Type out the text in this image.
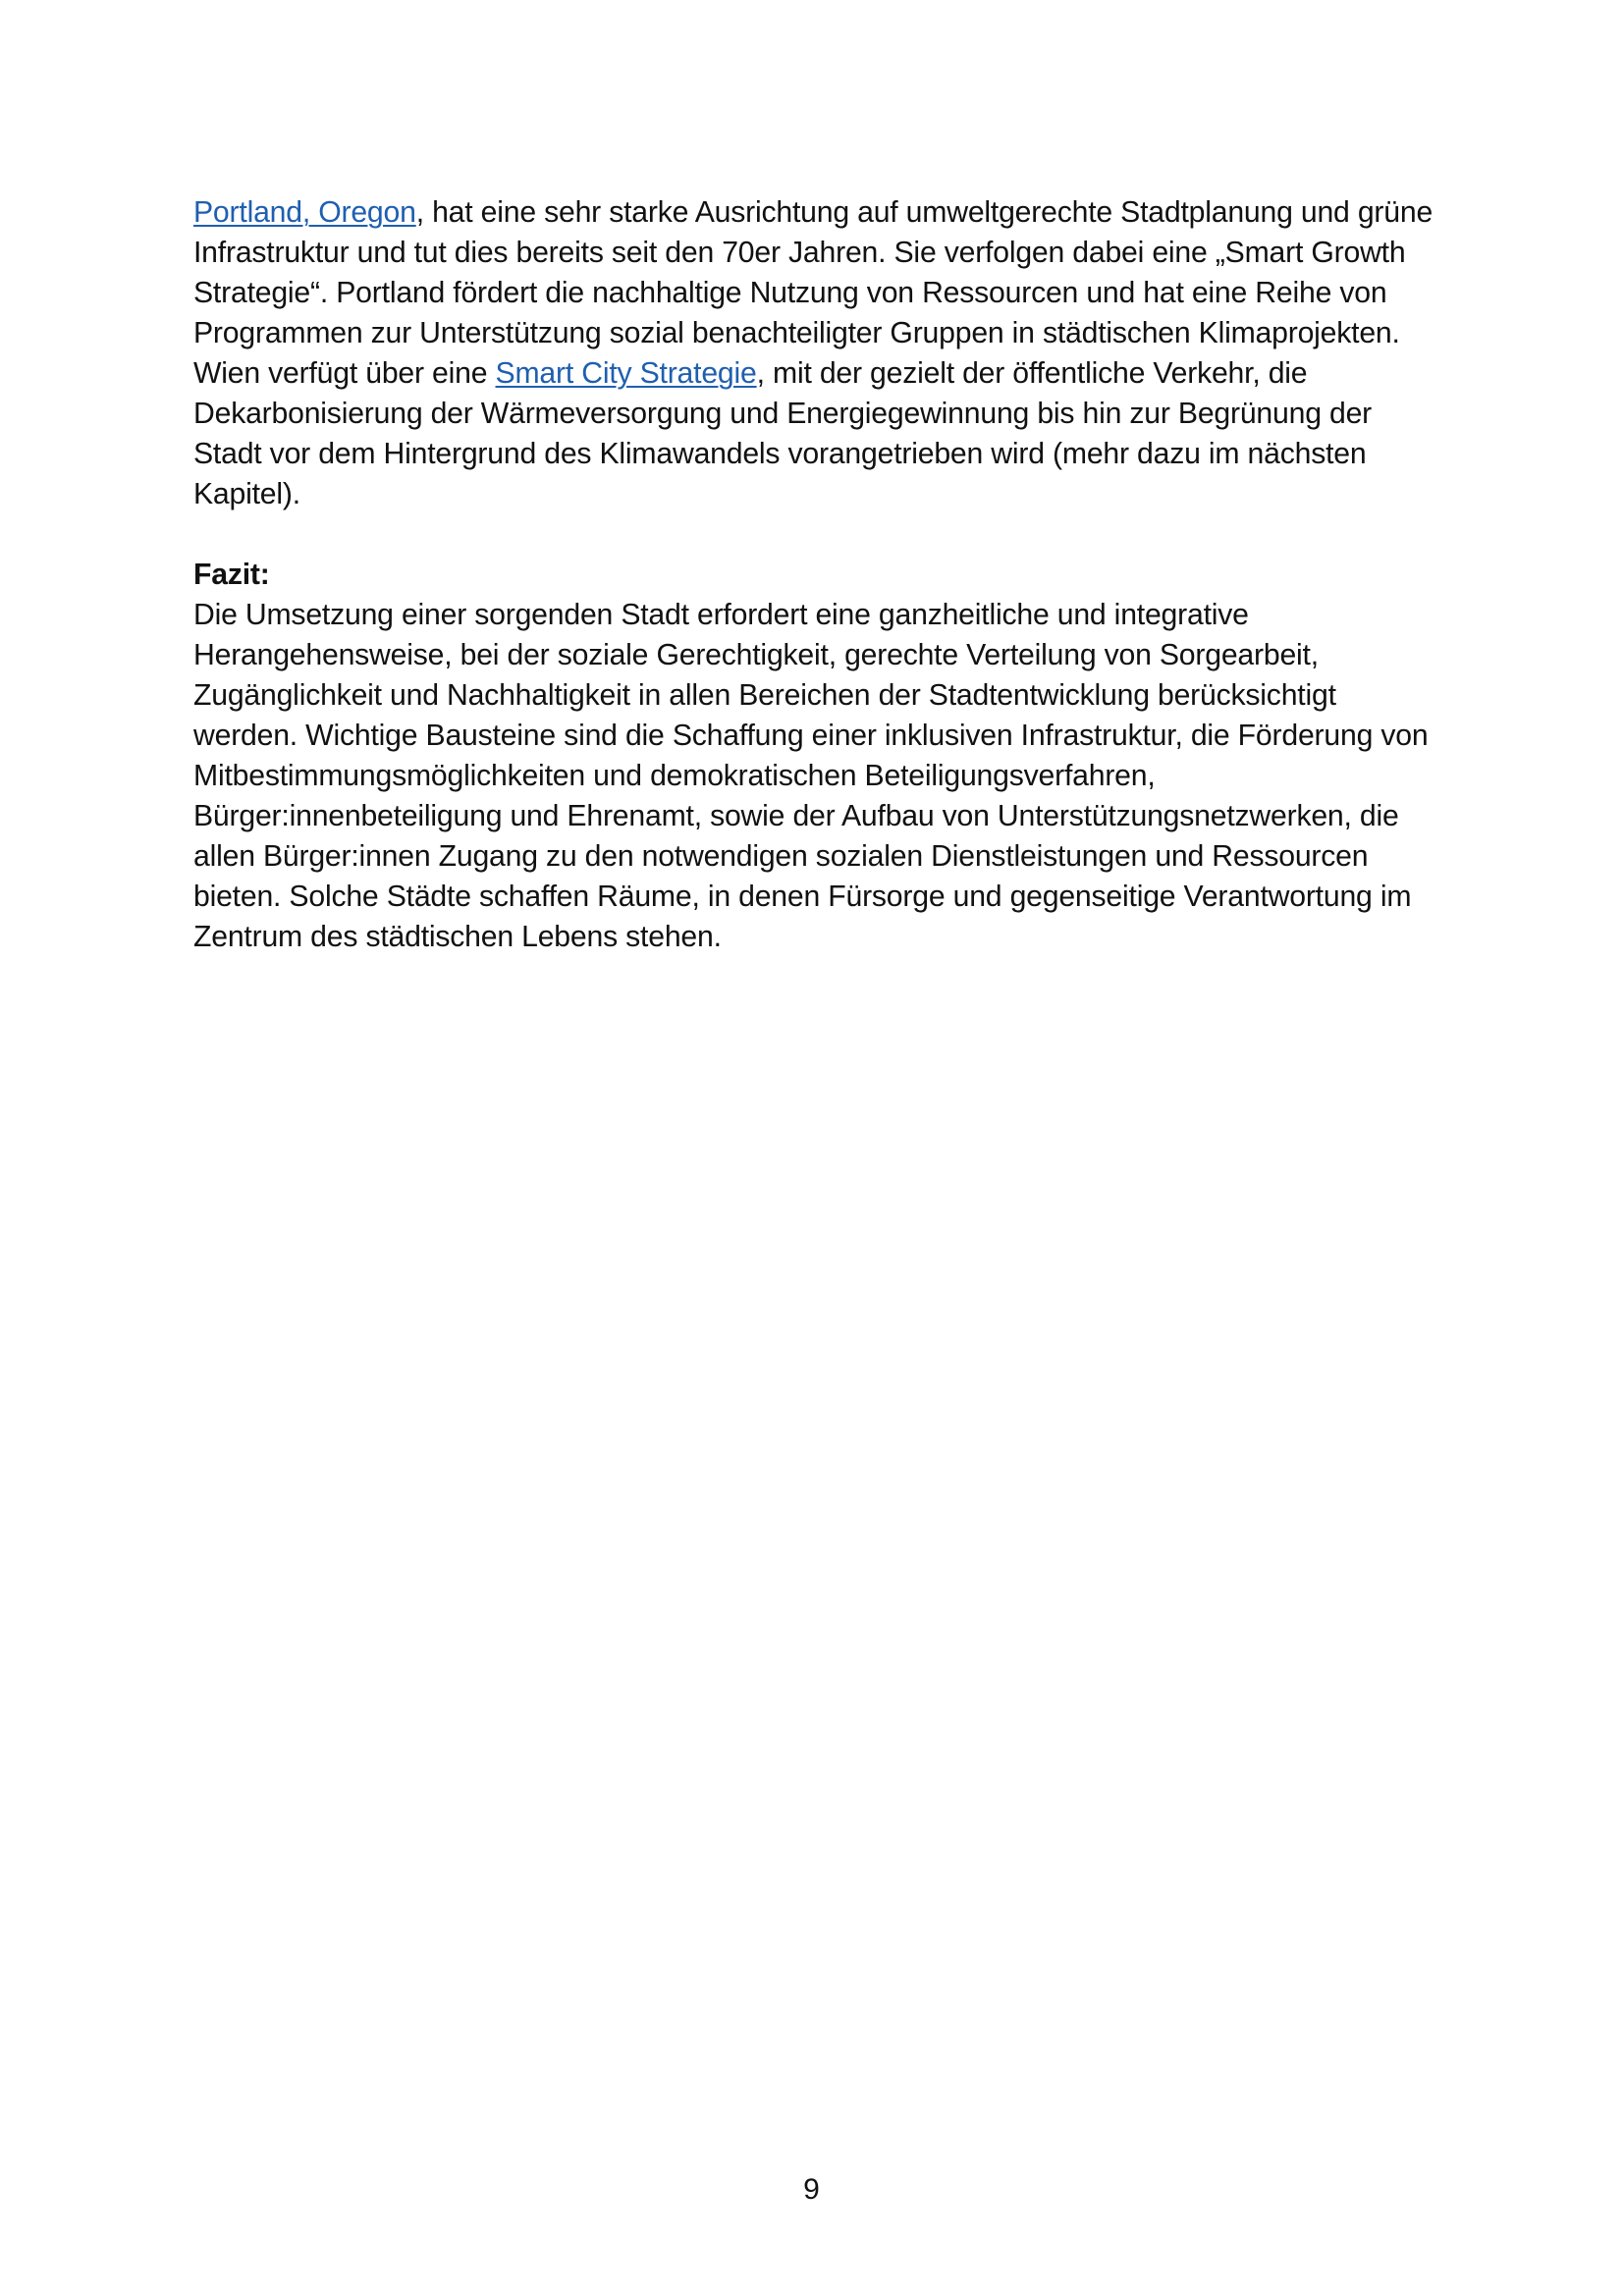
Portland, Oregon, hat eine sehr starke Ausrichtung auf umweltgerechte Stadtplanung und grüne Infrastruktur und tut dies bereits seit den 70er Jahren. Sie verfolgen dabei eine „Smart Growth Strategie“. Portland fördert die nachhaltige Nutzung von Ressourcen und hat eine Reihe von Programmen zur Unterstützung sozial benachteiligter Gruppen in städtischen Klimaprojekten. Wien verfügt über eine Smart City Strategie, mit der gezielt der öffentliche Verkehr, die Dekarbonisierung der Wärmeversorgung und Energiegewinnung bis hin zur Begrünung der Stadt vor dem Hintergrund des Klimawandels vorangetrieben wird (mehr dazu im nächsten Kapitel).

Fazit:

Die Umsetzung einer sorgenden Stadt erfordert eine ganzheitliche und integrative Herangehensweise, bei der soziale Gerechtigkeit, gerechte Verteilung von Sorgearbeit, Zugänglichkeit und Nachhaltigkeit in allen Bereichen der Stadtentwicklung berücksichtigt werden. Wichtige Bausteine sind die Schaffung einer inklusiven Infrastruktur, die Förderung von Mitbestimmungsmöglichkeiten und demokratischen Beteiligungsverfahren, Bürger:innenbeteiligung und Ehrenamt, sowie der Aufbau von Unterstützungsnetzwerken, die allen Bürger:innen Zugang zu den notwendigen sozialen Dienstleistungen und Ressourcen bieten. Solche Städte schaffen Räume, in denen Fürsorge und gegenseitige Verantwortung im Zentrum des städtischen Lebens stehen.

9
